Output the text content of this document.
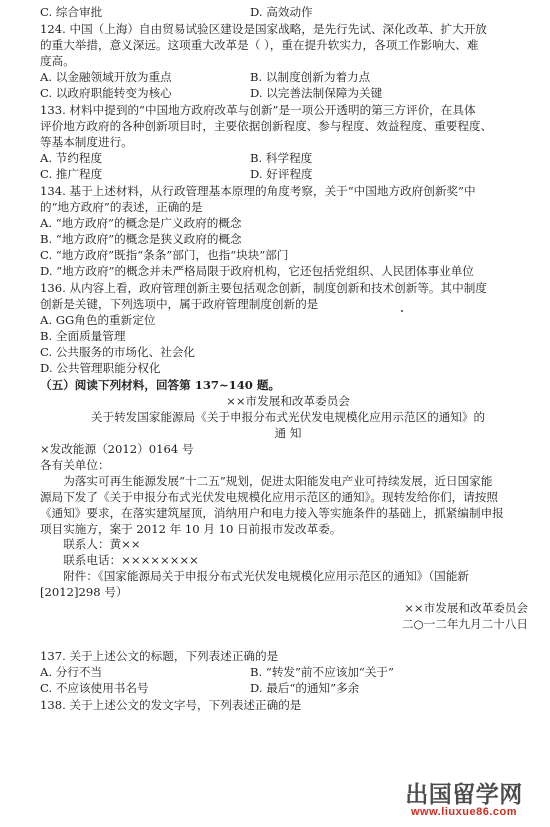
C. 综合审批	D. 高效动作
124. 中国（上海）自由贸易试验区建设是国家战略，是先行先试、深化改革、扩大开放
的重大举措，意义深远。这项重大改革是（ ），重在提升软实力，各项工作影响大、难
度高。
A. 以金融领域开放为重点	B. 以制度创新为着力点
C. 以政府职能转变为核心	D. 以完善法制保障为关键
133. 材料中提到的“中国地方政府改革与创新”是一项公开透明的第三方评价，在具体
评价地方政府的各种创新项目时，主要依据创新程度、参与程度、效益程度、重要程度、
等基本制度进行。
A. 节约程度	B. 科学程度
C. 推广程度	D. 好评程度
134. 基于上述材料，从行政管理基本原理的角度考察，关于“中国地方政府创新奖”中
的“地方政府”的表述，正确的是
A. “地方政府”的概念是广义政府的概念
B. “地方政府”的概念是狭义政府的概念
C. “地方政府”既指“条条”部门，也指“块块”部门
D. “地方政府”的概念并未严格局限于政府机构，它还包括党组织、人民团体事业单位
136. 从内容上看，政府管理创新主要包括观念创新，制度创新和技术创新等。其中制度
创新是关键，下列选项中，属于政府管理制度创新的是
A. GG角色的重新定位
B. 全面质量管理
C. 公共服务的市场化、社会化
D. 公共管理职能分权化
（五）阅读下列材料，回答第 137~140 题。
××市发展和改革委员会
关于转发国家能源局《关于申报分布式光伏发电规模化应用示范区的通知》的
通 知
×发改能源（2012）0164 号
各有关单位：
为落实可再生能源发展“十二五”规划，促进太阳能发电产业可持续发展，近日国家能
源局下发了《关于申报分布式光伏发电规模化应用示范区的通知》。现转发给你们，请按照
《通知》要求，在落实建筑屋顶，消纳用户和电力接入等实施条件的基础上，抓紧编制申报
项目实施方，案于 2012 年 10 月 10 日前报市发改革委。
联系人：黄××
联系电话：××××××××
附件：《国家能源局关于申报分布式光伏发电规模化应用示范区的通知》（国能新
[2012]298 号）
××市发展和改革委员会
二○一二年九月二十八日
137. 关于上述公文的标题，下列表述正确的是
A. 分行不当	B. “转发”前不应该加“关于”
C. 不应该使用书名号	D. 最后“的通知”多余
138. 关于上述公文的发文字号，下列表述正确的是
出国留学网
www.liuxue86.com
